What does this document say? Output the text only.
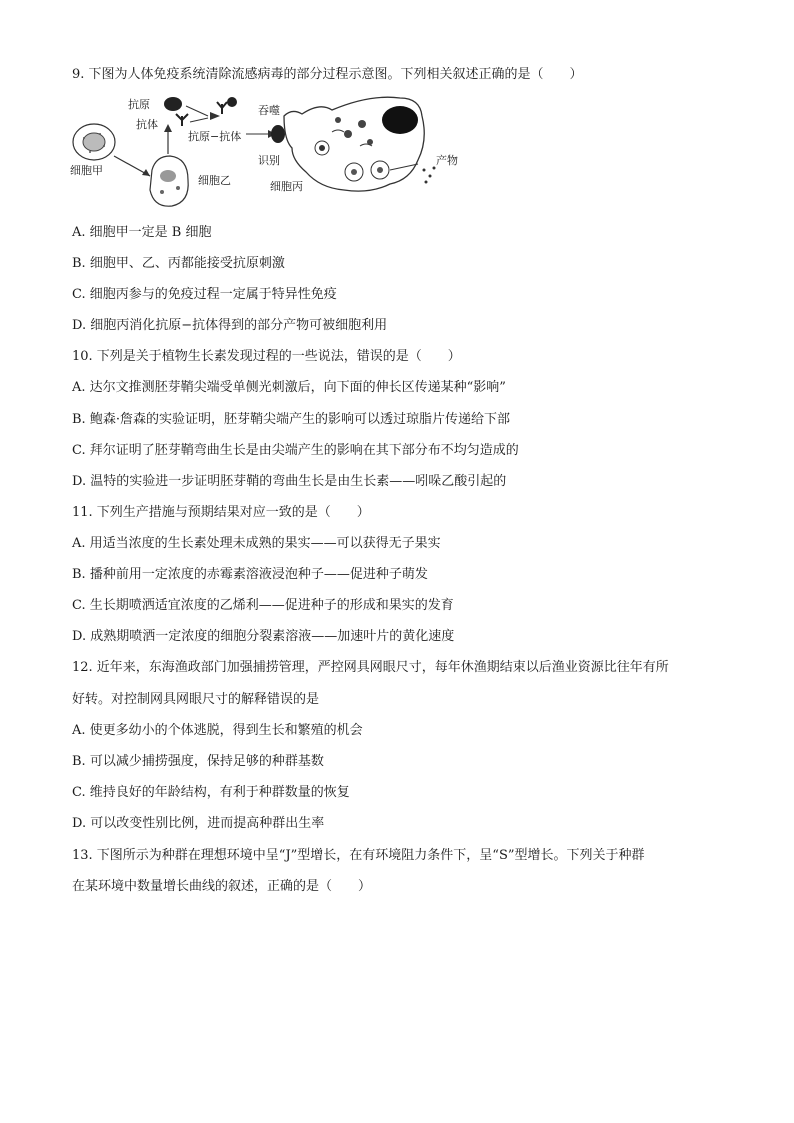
9. 下图为人体免疫系统清除流感病毒的部分过程示意图。下列相关叙述正确的是（　　）
细胞甲
细胞乙
抗原
抗体
抗原−抗体
吞噬
识别
细胞丙
产物
A. 细胞甲一定是 B 细胞
B. 细胞甲、乙、丙都能接受抗原刺激
C. 细胞丙参与的免疫过程一定属于特异性免疫
D. 细胞丙消化抗原−抗体得到的部分产物可被细胞利用
10. 下列是关于植物生长素发现过程的一些说法，错误的是（　　）
A. 达尔文推测胚芽鞘尖端受单侧光刺激后，向下面的伸长区传递某种“影响”
B. 鲍森·詹森的实验证明，胚芽鞘尖端产生的影响可以透过琼脂片传递给下部
C. 拜尔证明了胚芽鞘弯曲生长是由尖端产生的影响在其下部分布不均匀造成的
D. 温特的实验进一步证明胚芽鞘的弯曲生长是由生长素——吲哚乙酸引起的
11. 下列生产措施与预期结果对应一致的是（　　）
A. 用适当浓度的生长素处理未成熟的果实——可以获得无子果实
B. 播种前用一定浓度的赤霉素溶液浸泡种子——促进种子萌发
C. 生长期喷洒适宜浓度的乙烯利——促进种子的形成和果实的发育
D. 成熟期喷洒一定浓度的细胞分裂素溶液——加速叶片的黄化速度
12. 近年来，东海渔政部门加强捕捞管理，严控网具网眼尺寸，每年休渔期结束以后渔业资源比往年有所
好转。对控制网具网眼尺寸的解释错误的是
A. 使更多幼小的个体逃脱，得到生长和繁殖的机会
B. 可以减少捕捞强度，保持足够的种群基数
C. 维持良好的年龄结构，有利于种群数量的恢复
D. 可以改变性别比例，进而提高种群出生率
13. 下图所示为种群在理想环境中呈“J”型增长，在有环境阻力条件下，呈“S”型增长。下列关于种群
在某环境中数量增长曲线的叙述，正确的是（　　）
